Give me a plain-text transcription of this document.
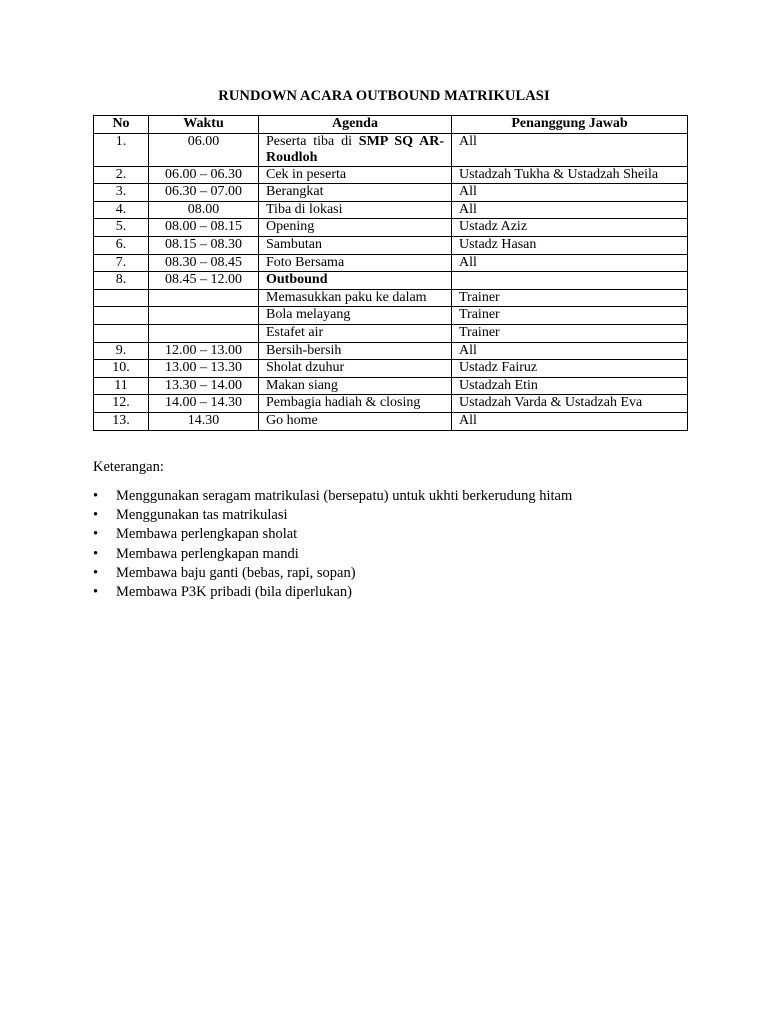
RUNDOWN ACARA OUTBOUND MATRIKULASI
No	Waktu	Agenda	Penanggung Jawab
1.	06.00	Peserta tiba di SMP SQ AR-Roudloh	All
2.	06.00 – 06.30	Cek in peserta	Ustadzah Tukha & Ustadzah Sheila
3.	06.30 – 07.00	Berangkat	All
4.	08.00	Tiba di lokasi	All
5.	08.00 – 08.15	Opening	Ustadz Aziz
6.	08.15 – 08.30	Sambutan	Ustadz Hasan
7.	08.30 – 08.45	Foto Bersama	All
8.	08.45 – 12.00	Outbound	
		Memasukkan paku ke dalam	Trainer
		Bola melayang	Trainer
		Estafet air	Trainer
9.	12.00 – 13.00	Bersih-bersih	All
10.	13.00 – 13.30	Sholat dzuhur	Ustadz Fairuz
11	13.30 – 14.00	Makan siang	Ustadzah Etin
12.	14.00 – 14.30	Pembagia hadiah & closing	Ustadzah Varda & Ustadzah Eva
13.	14.30	Go home	All
Keterangan:
• Menggunakan seragam matrikulasi (bersepatu) untuk ukhti berkerudung hitam
• Menggunakan tas matrikulasi
• Membawa perlengkapan sholat
• Membawa perlengkapan mandi
• Membawa baju ganti (bebas, rapi, sopan)
• Membawa P3K pribadi (bila diperlukan)
